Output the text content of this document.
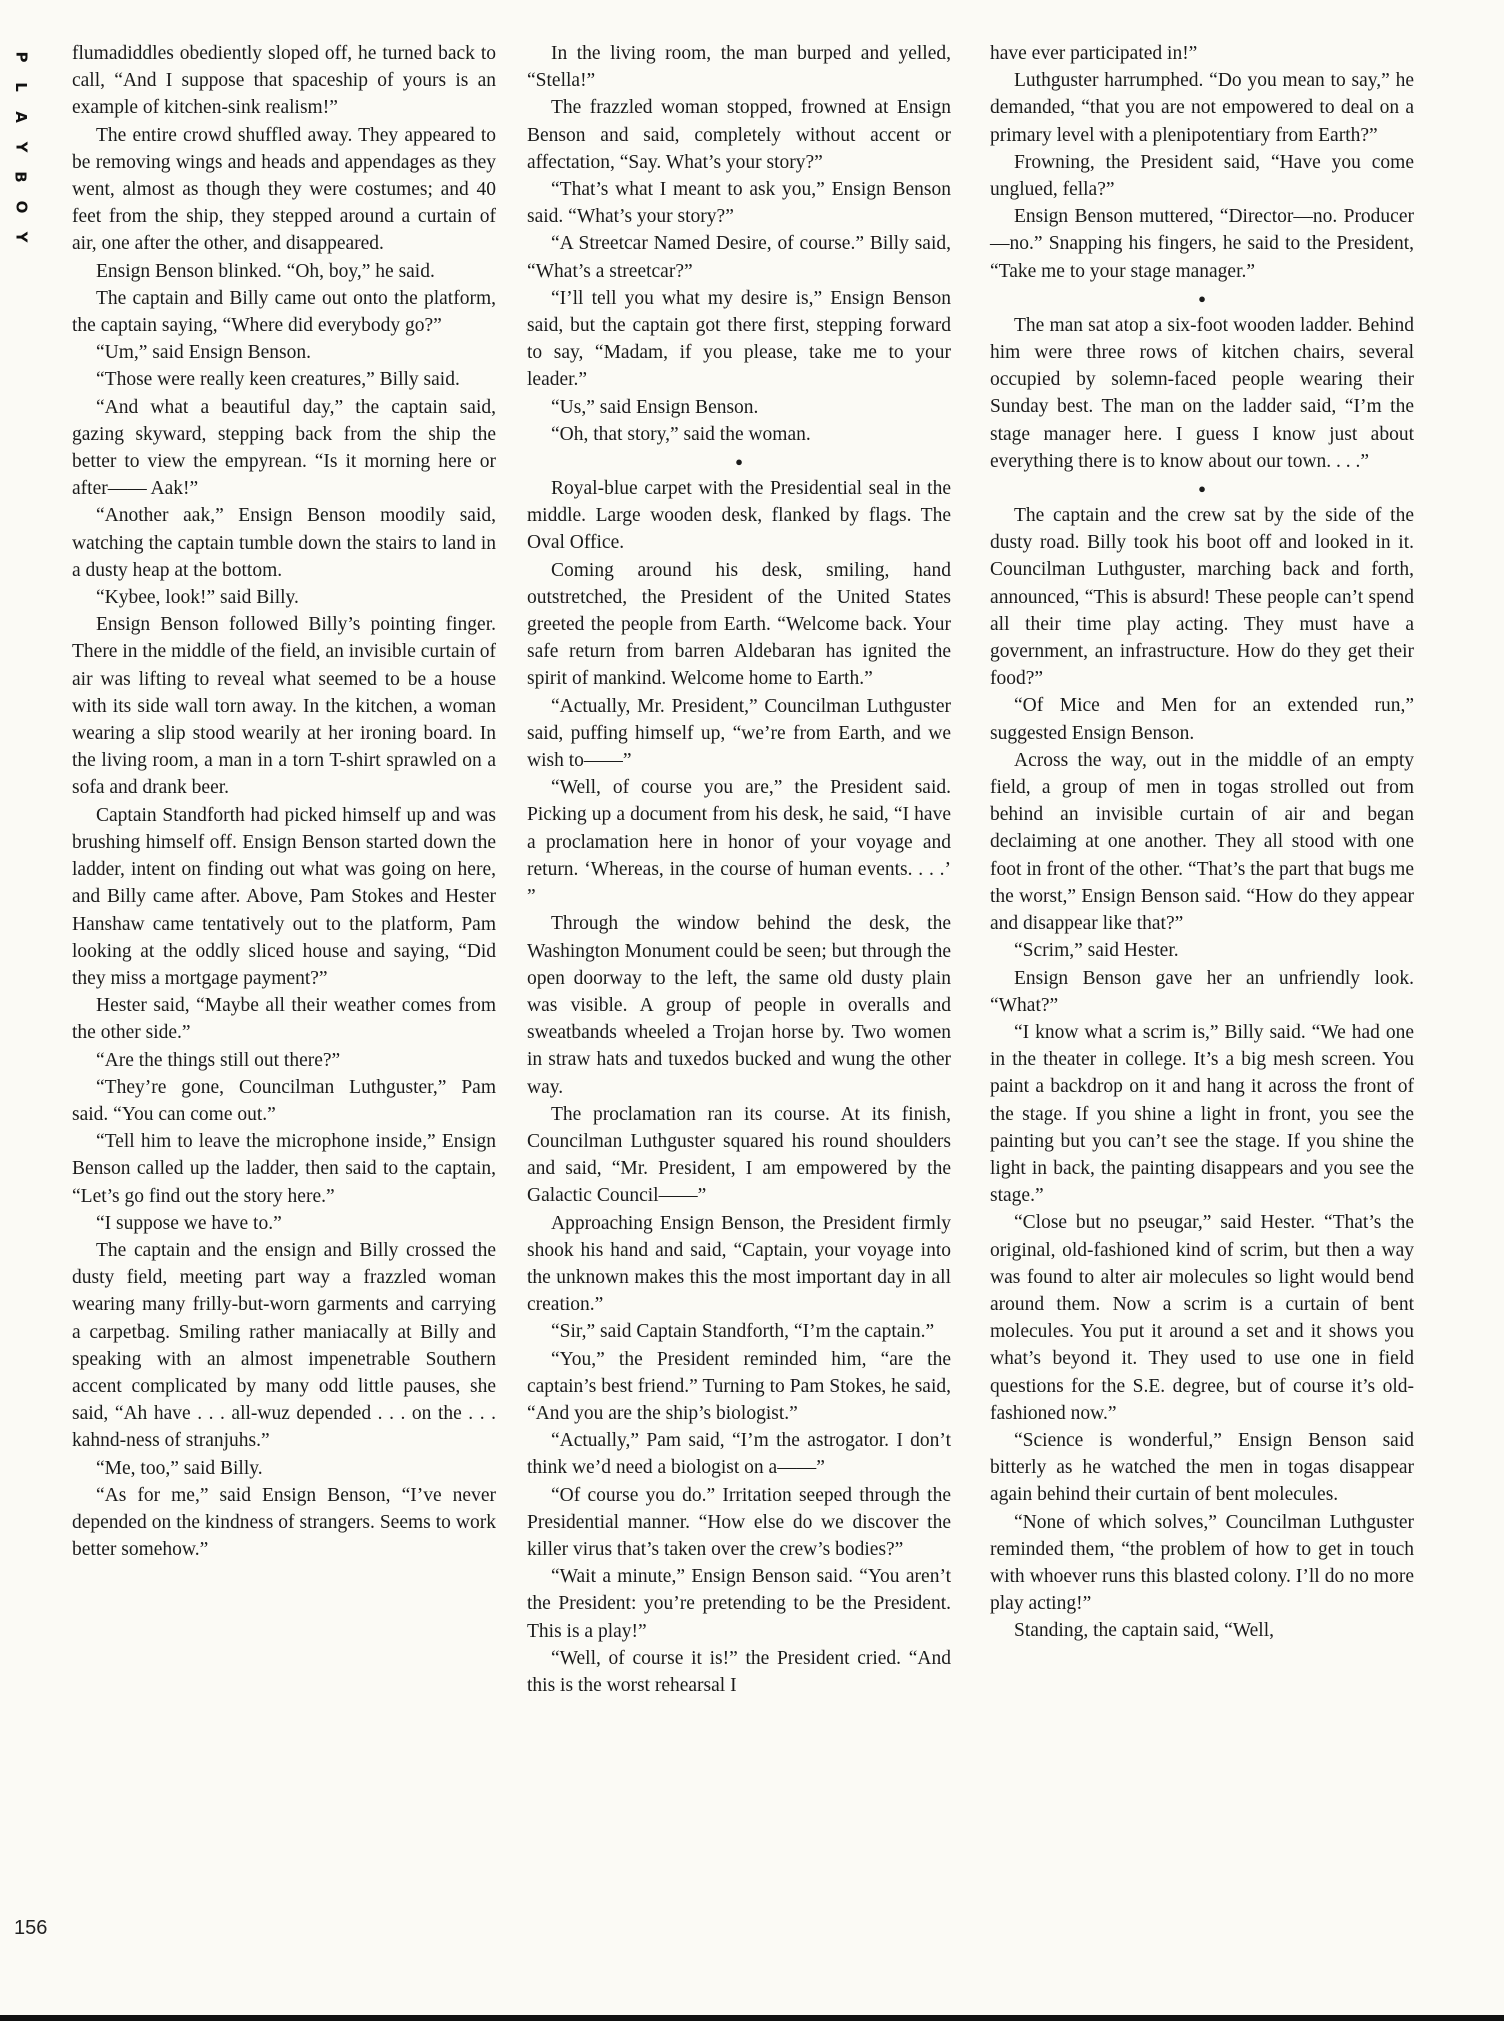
P
L
A
Y
B
O
Y

flumadiddles obediently sloped off, he turned back to call, “And I suppose that spaceship of yours is an example of kitchen-sink realism!”

The entire crowd shuffled away. They appeared to be removing wings and heads and appendages as they went, almost as though they were costumes; and 40 feet from the ship, they stepped around a curtain of air, one after the other, and disappeared.

Ensign Benson blinked. “Oh, boy,” he said.

The captain and Billy came out onto the platform, the captain saying, “Where did everybody go?”

“Um,” said Ensign Benson.

“Those were really keen creatures,” Billy said.

“And what a beautiful day,” the captain said, gazing skyward, stepping back from the ship the better to view the empyrean. “Is it morning here or after—— Aak!”

“Another aak,” Ensign Benson moodily said, watching the captain tumble down the stairs to land in a dusty heap at the bottom.

“Kybee, look!” said Billy.

Ensign Benson followed Billy’s pointing finger. There in the middle of the field, an invisible curtain of air was lifting to reveal what seemed to be a house with its side wall torn away. In the kitchen, a woman wearing a slip stood wearily at her ironing board. In the living room, a man in a torn T-shirt sprawled on a sofa and drank beer.

Captain Standforth had picked himself up and was brushing himself off. Ensign Benson started down the ladder, intent on finding out what was going on here, and Billy came after. Above, Pam Stokes and Hester Hanshaw came tentatively out to the platform, Pam looking at the oddly sliced house and saying, “Did they miss a mortgage payment?”

Hester said, “Maybe all their weather comes from the other side.”

“Are the things still out there?”

“They’re gone, Councilman Luthguster,” Pam said. “You can come out.”

“Tell him to leave the microphone inside,” Ensign Benson called up the ladder, then said to the captain, “Let’s go find out the story here.”

“I suppose we have to.”

The captain and the ensign and Billy crossed the dusty field, meeting part way a frazzled woman wearing many frilly-but-worn garments and carrying a carpetbag. Smiling rather maniacally at Billy and speaking with an almost impenetrable Southern accent complicated by many odd little pauses, she said, “Ah have . . . all-wuz depended . . . on the . . . kahnd-ness of stranjuhs.”

“Me, too,” said Billy.

“As for me,” said Ensign Benson, “I’ve never depended on the kindness of strangers. Seems to work better somehow.”

In the living room, the man burped and yelled, “Stella!”

The frazzled woman stopped, frowned at Ensign Benson and said, completely without accent or affectation, “Say. What’s your story?”

“That’s what I meant to ask you,” Ensign Benson said. “What’s your story?”

“A Streetcar Named Desire, of course.” Billy said, “What’s a streetcar?”

“I’ll tell you what my desire is,” Ensign Benson said, but the captain got there first, stepping forward to say, “Madam, if you please, take me to your leader.”

“Us,” said Ensign Benson.

“Oh, that story,” said the woman.

●

Royal-blue carpet with the Presidential seal in the middle. Large wooden desk, flanked by flags. The Oval Office.

Coming around his desk, smiling, hand outstretched, the President of the United States greeted the people from Earth. “Welcome back. Your safe return from barren Aldebaran has ignited the spirit of mankind. Welcome home to Earth.”

“Actually, Mr. President,” Councilman Luthguster said, puffing himself up, “we’re from Earth, and we wish to——”

“Well, of course you are,” the President said. Picking up a document from his desk, he said, “I have a proclamation here in honor of your voyage and return. ‘Whereas, in the course of human events. . . .’ ”

Through the window behind the desk, the Washington Monument could be seen; but through the open doorway to the left, the same old dusty plain was visible. A group of people in overalls and sweatbands wheeled a Trojan horse by. Two women in straw hats and tuxedos bucked and wung the other way.

The proclamation ran its course. At its finish, Councilman Luthguster squared his round shoulders and said, “Mr. President, I am empowered by the Galactic Council——”

Approaching Ensign Benson, the President firmly shook his hand and said, “Captain, your voyage into the unknown makes this the most important day in all creation.”

“Sir,” said Captain Standforth, “I’m the captain.”

“You,” the President reminded him, “are the captain’s best friend.” Turning to Pam Stokes, he said, “And you are the ship’s biologist.”

“Actually,” Pam said, “I’m the astrogator. I don’t think we’d need a biologist on a——”

“Of course you do.” Irritation seeped through the Presidential manner. “How else do we discover the killer virus that’s taken over the crew’s bodies?”

“Wait a minute,” Ensign Benson said. “You aren’t the President: you’re pretending to be the President. This is a play!”

“Well, of course it is!” the President cried. “And this is the worst rehearsal I

have ever participated in!”

Luthguster harrumphed. “Do you mean to say,” he demanded, “that you are not empowered to deal on a primary level with a plenipotentiary from Earth?”

Frowning, the President said, “Have you come unglued, fella?”

Ensign Benson muttered, “Director—no. Producer—no.” Snapping his fingers, he said to the President, “Take me to your stage manager.”

●

The man sat atop a six-foot wooden ladder. Behind him were three rows of kitchen chairs, several occupied by solemn-faced people wearing their Sunday best. The man on the ladder said, “I’m the stage manager here. I guess I know just about everything there is to know about our town. . . .”

●

The captain and the crew sat by the side of the dusty road. Billy took his boot off and looked in it. Councilman Luthguster, marching back and forth, announced, “This is absurd! These people can’t spend all their time play acting. They must have a government, an infrastructure. How do they get their food?”

“Of Mice and Men for an extended run,” suggested Ensign Benson.

Across the way, out in the middle of an empty field, a group of men in togas strolled out from behind an invisible curtain of air and began declaiming at one another. They all stood with one foot in front of the other. “That’s the part that bugs me the worst,” Ensign Benson said. “How do they appear and disappear like that?”

“Scrim,” said Hester.

Ensign Benson gave her an unfriendly look. “What?”

“I know what a scrim is,” Billy said. “We had one in the theater in college. It’s a big mesh screen. You paint a backdrop on it and hang it across the front of the stage. If you shine a light in front, you see the painting but you can’t see the stage. If you shine the light in back, the painting disappears and you see the stage.”

“Close but no pseugar,” said Hester. “That’s the original, old-fashioned kind of scrim, but then a way was found to alter air molecules so light would bend around them. Now a scrim is a curtain of bent molecules. You put it around a set and it shows you what’s beyond it. They used to use one in field questions for the S.E. degree, but of course it’s old-fashioned now.”

“Science is wonderful,” Ensign Benson said bitterly as he watched the men in togas disappear again behind their curtain of bent molecules.

“None of which solves,” Councilman Luthguster reminded them, “the problem of how to get in touch with whoever runs this blasted colony. I’ll do no more play acting!”

Standing, the captain said, “Well,

156
